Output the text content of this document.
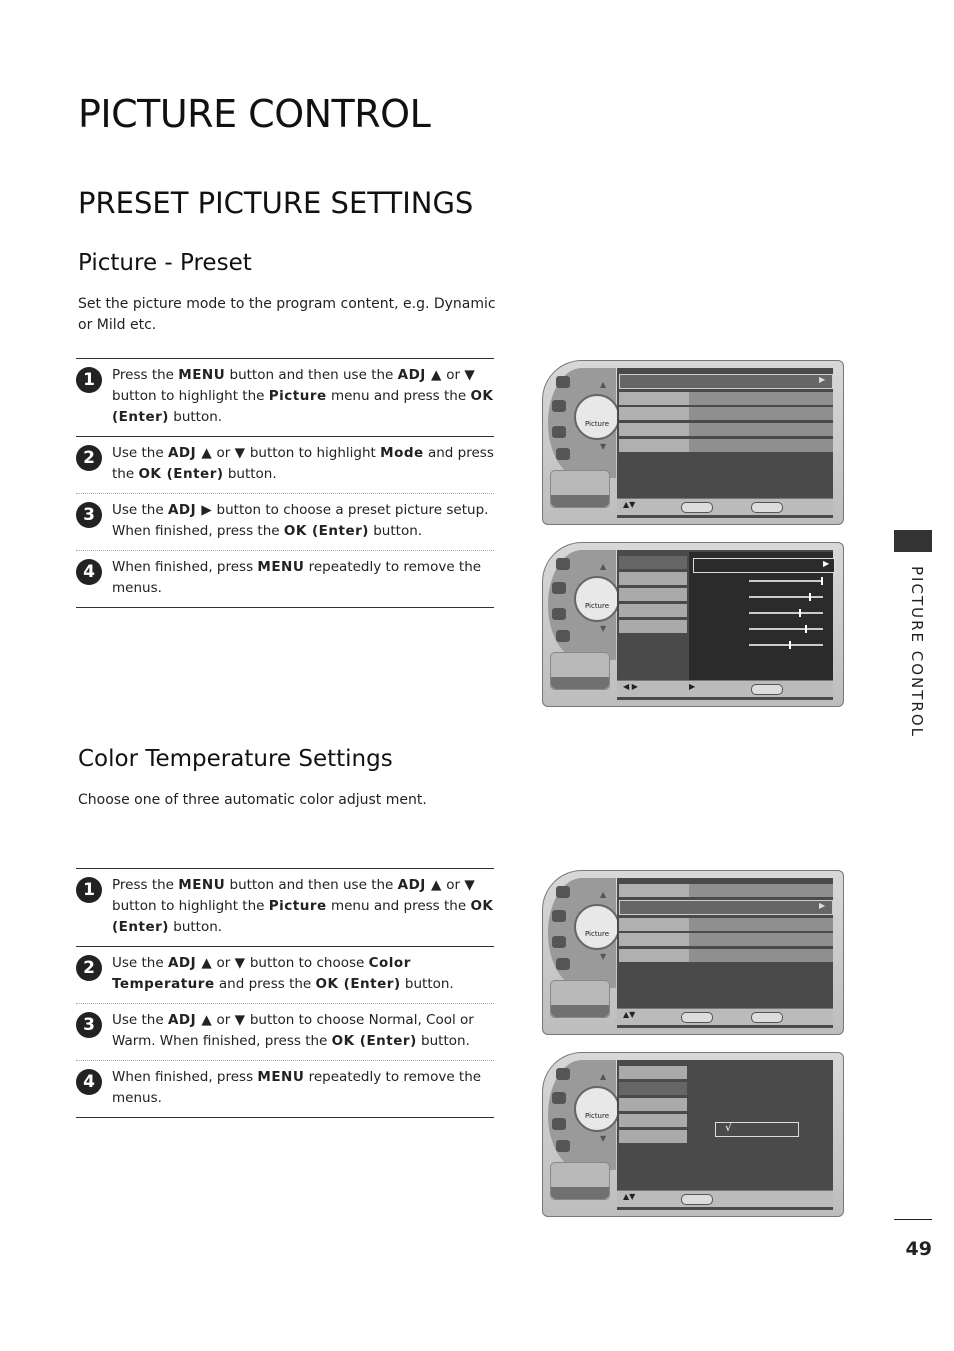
PICTURE CONTROL
PRESET PICTURE SETTINGS
Picture - Preset
Set the picture mode to the program content, e.g. Dynamic or Mild etc.
1	Press the MENU button and then use the ADJ ▲ or ▼ button to highlight the Picture menu and press the OK (Enter) button.
2	Use the ADJ ▲ or ▼ button to highlight Mode and press the OK (Enter) button.
3	Use the ADJ ▶ button to choose a preset picture setup. When finished, press the OK (Enter) button.
4	When finished, press MENU repeatedly to remove the menus.
Color Temperature Settings
Choose one of three automatic color adjust ment.
1	Press the MENU button and then use the ADJ ▲ or ▼ button to highlight the Picture menu and press the OK (Enter) button.
2	Use the ADJ ▲ or ▼ button to choose Color Temperature and press the OK (Enter) button.
3	Use the ADJ ▲ or ▼ button to choose Normal, Cool or Warm. When finished, press the OK (Enter) button.
4	When finished, press MENU repeatedly to remove the menus.
PICTURE CONTROL
49
Picture
▲
▼
▶
▲▼
Picture
▲
▼
▶
◀ ▶	▶
Picture
▲
▼
▶
▲▼
Picture
▲
▼
√
▲▼
